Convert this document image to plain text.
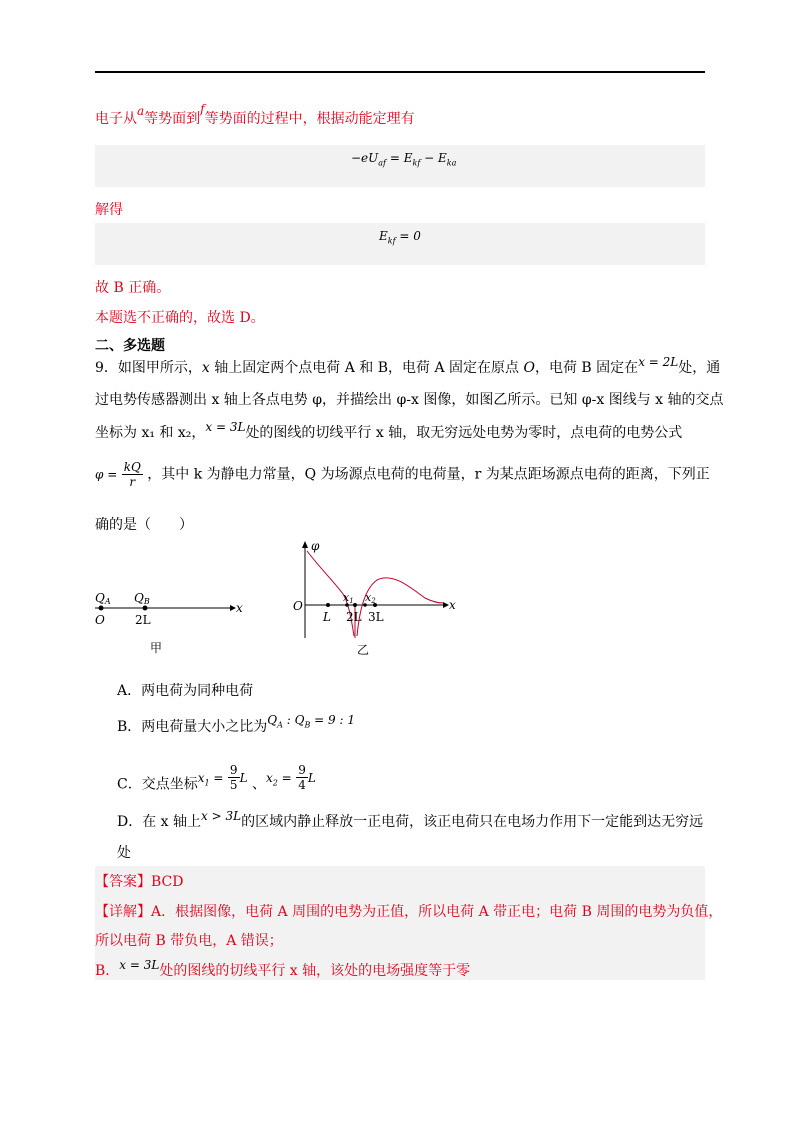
电子从a等势面到f等势面的过程中，根据动能定理有
$-eU_{af} = E_{kf} - E_{ka}$
解得
$E_{kf} = 0$
故 B 正确。
本题选不正确的，故选 D。
二、多选题
9．如图甲所示，x 轴上固定两个点电荷 A 和 B，电荷 A 固定在原点 O，电荷 B 固定在x = 2L处，通
过电势传感器测出 x 轴上各点电势 φ，并描绘出 φ-x 图像，如图乙所示。已知 φ-x 图线与 x 轴的交点
坐标为 x₁ 和 x₂，x = 3L处的图线的切线平行 x 轴，取无穷远处电势为零时，点电荷的电势公式
$\varphi = \frac{kQ}{r}$ ，其中 k 为静电力常量，Q 为场源点电荷的电荷量，r 为某点距场源点电荷的距离，下列正
确的是（　　）
QA QB
O	2L
x
甲
φ
O
L 2L 3L
x
x1 x2
乙
A．两电荷为同种电荷
B．两电荷量大小之比为$Q_A$ : $Q_B = 9$ : 1
C．交点坐标$x_1 = \frac{9}{5}$ L 、$x_2 = \frac{9}{4}$ L
D．在 x 轴上x > 3L的区域内静止释放一正电荷，该正电荷只在电场力作用下一定能到达无穷远
处
【答案】BCD
【详解】A．根据图像，电荷 A 周围的电势为正值，所以电荷 A 带正电；电荷 B 周围的电势为负值，
所以电荷 B 带负电，A 错误；
B．x = 3L处的图线的切线平行 x 轴，该处的电场强度等于零
